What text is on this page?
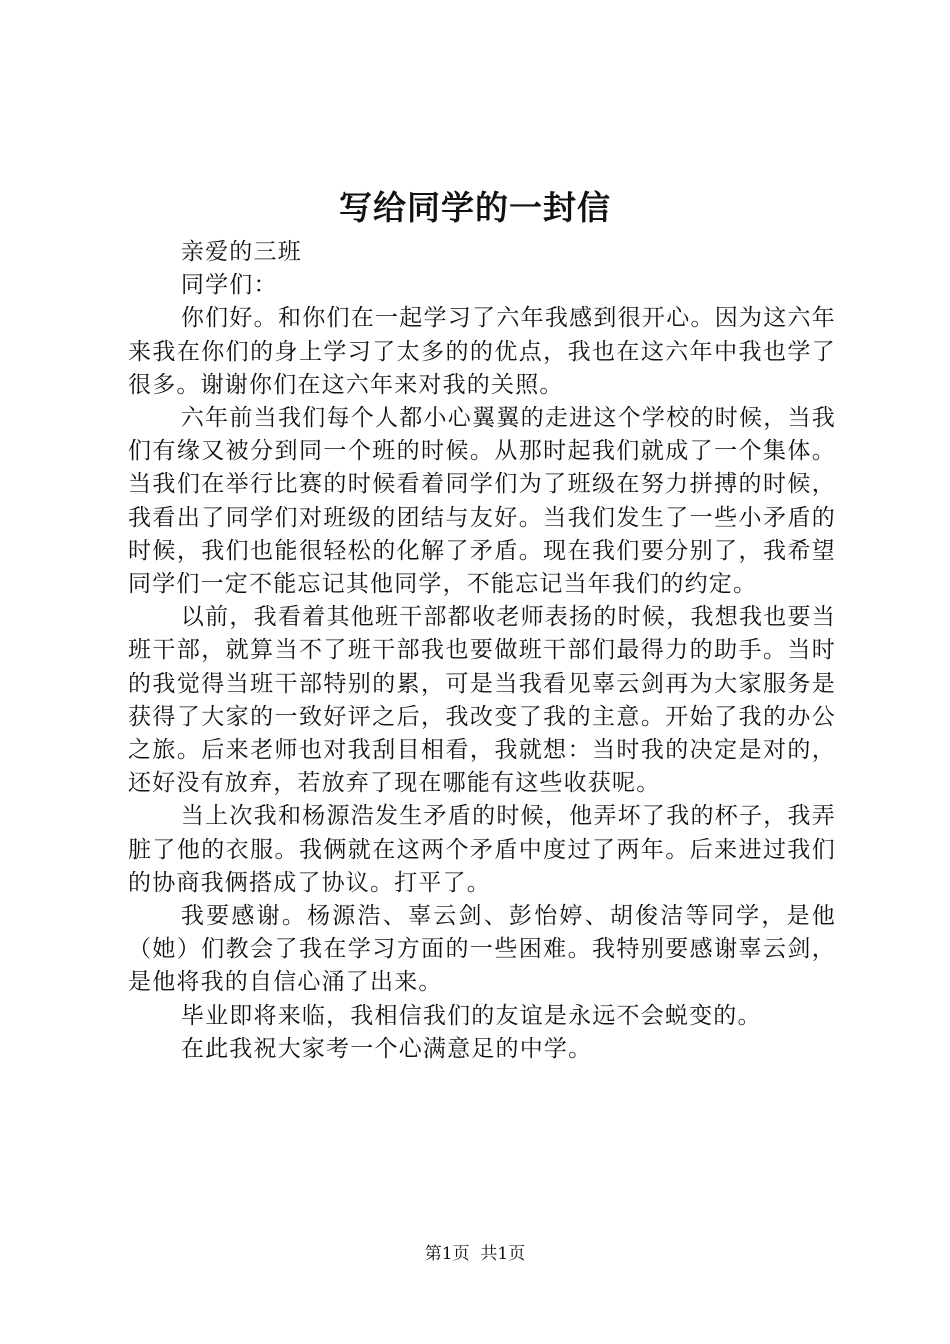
写给同学的一封信

亲爱的三班

同学们：

你们好。和你们在一起学习了六年我感到很开心。因为这六年来我在你们的身上学习了太多的的优点，我也在这六年中我也学了很多。谢谢你们在这六年来对我的关照。

六年前当我们每个人都小心翼翼的走进这个学校的时候，当我们有缘又被分到同一个班的时候。从那时起我们就成了一个集体。当我们在举行比赛的时候看着同学们为了班级在努力拼搏的时候，我看出了同学们对班级的团结与友好。当我们发生了一些小矛盾的时候，我们也能很轻松的化解了矛盾。现在我们要分别了，我希望同学们一定不能忘记其他同学，不能忘记当年我们的约定。

以前，我看着其他班干部都收老师表扬的时候，我想我也要当班干部，就算当不了班干部我也要做班干部们最得力的助手。当时的我觉得当班干部特别的累，可是当我看见辜云剑再为大家服务是获得了大家的一致好评之后，我改变了我的主意。开始了我的办公之旅。后来老师也对我刮目相看，我就想：当时我的决定是对的，还好没有放弃，若放弃了现在哪能有这些收获呢。

当上次我和杨源浩发生矛盾的时候，他弄坏了我的杯子，我弄脏了他的衣服。我俩就在这两个矛盾中度过了两年。后来进过我们的协商我俩搭成了协议。打平了。

我要感谢。杨源浩、辜云剑、彭怡婷、胡俊洁等同学，是他（她）们教会了我在学习方面的一些困难。我特别要感谢辜云剑，是他将我的自信心涌了出来。

毕业即将来临，我相信我们的友谊是永远不会蜕变的。

在此我祝大家考一个心满意足的中学。

第1页 共1页
